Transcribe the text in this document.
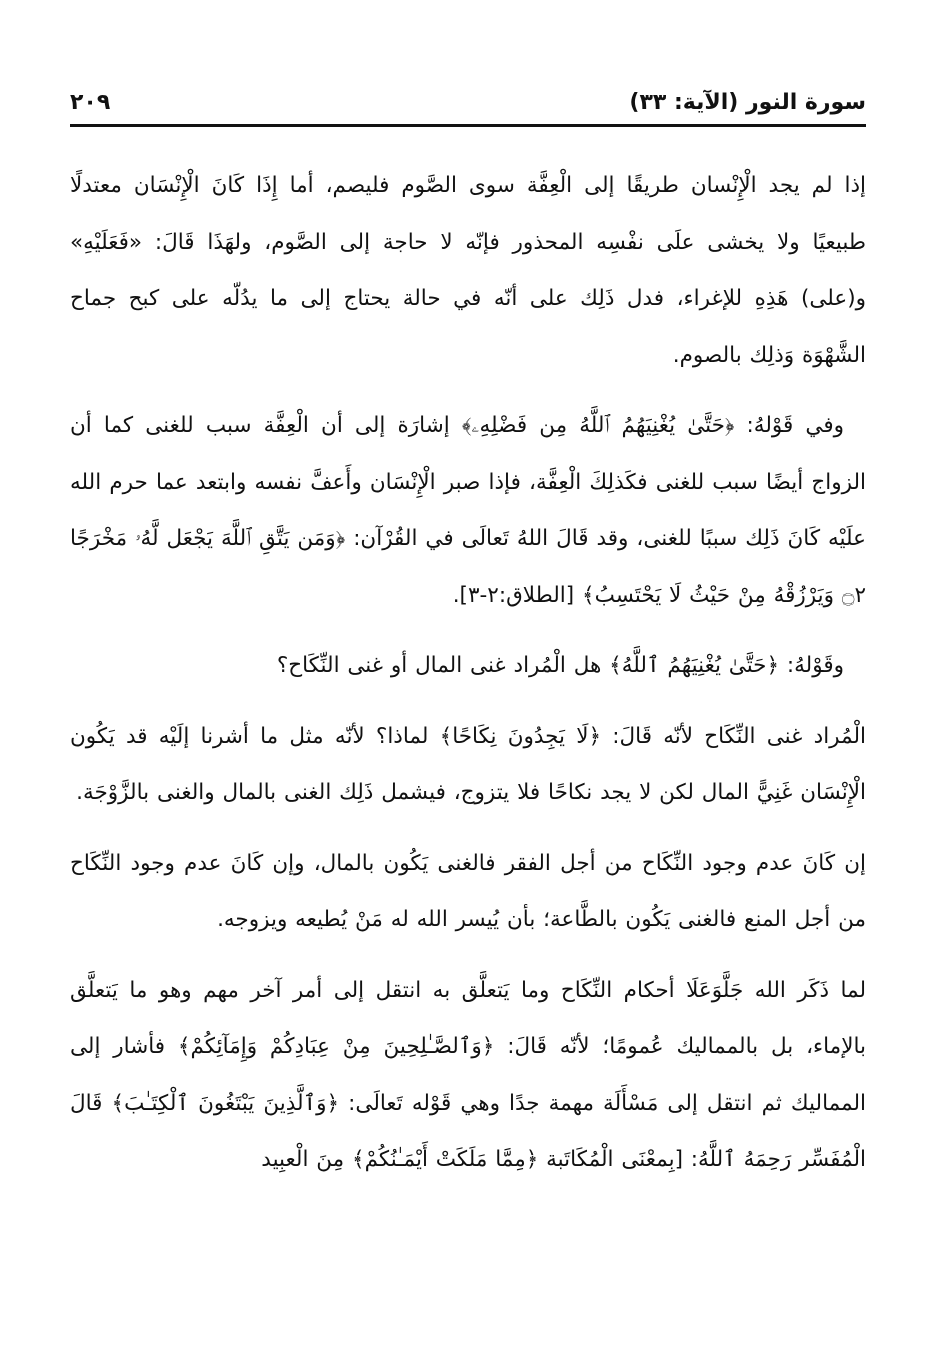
سورة النور (الآية: ٣٣)
٢٠٩

إذا لم يجد الْإِنْسان طريقًا إلى الْعِفَّة سوى الصَّوم فليصم، أما إِذَا كَانَ الْإِنْسَان معتدلًا طبيعيًا ولا يخشى علَى نفْسِه المحذور فإنّه لا حاجة إلى الصَّوم، ولهَذَا قَالَ: «فَعَلَيْهِ» و(على) هَذِهِ للإغراء، فدل ذَلِك على أنّه في حالة يحتاج إلى ما يدُلّه على كبح جماح الشَّهْوَة وَذلِك بالصوم.

وفي قَوْلهُ: ﴿حَتَّىٰ يُغْنِيَهُمُ ٱللَّهُ مِن فَضْلِهِۦ﴾ إشارَة إلى أن الْعِفَّة سبب للغنى كما أن الزواج أيضًا سبب للغنى فكَذلِكَ الْعِفَّة، فإذا صبر الْإِنْسَان وأَعفَّ نفسه وابتعد عما حرم الله علَيْه كَانَ ذَلِك سببًا للغنى، وقد قَالَ اللهُ تَعالَى في القُرْآن: ﴿وَمَن يَتَّقِ ٱللَّهَ يَجْعَل لَّهُۥ مَخْرَجًا ۝٢ وَيَرْزُقْهُ مِنْ حَيْثُ لَا يَحْتَسِبُ﴾ [الطلاق:٢-٣].

وقَوْلهُ: ﴿حَتَّىٰ يُغْنِيَهُمُ ٱللَّهُ﴾ هل الْمُراد غنى المال أو غنى النِّكَاح؟

الْمُراد غنى النِّكَاح لأنّه قَالَ: ﴿لَا يَجِدُونَ نِكَاحًا﴾ لماذا؟ لأنّه مثل ما أشرنا إلَيْه قد يَكُون الْإِنْسَان غَنِيًّ المال لكن لا يجد نكاحًا فلا يتزوج، فيشمل ذَلِك الغنى بالمال والغنى بالزَّوْجَة.

إن كَانَ عدم وجود النِّكَاح من أجل الفقر فالغنى يَكُون بالمال، وإن كَانَ عدم وجود النِّكَاح من أجل المنع فالغنى يَكُون بالطَّاعة؛ بأن يُيسر الله له مَنْ يُطيعه ويزوجه.

لما ذَكَر الله جَلَّوَعَلَا أحكام النِّكَاح وما يَتعلَّق به انتقل إلى أمر آخر مهم وهو ما يَتعلَّق بالإماء، بل بالمماليك عُمومًا؛ لأنّه قَالَ: ﴿وَٱلصَّـٰلِحِينَ مِنْ عِبَادِكُمْ وَإِمَآئِكُمْ﴾ فأشار إلى المماليك ثم انتقل إلى مَسْأَلَة مهمة جدًا وهي قَوْله تَعالَى: ﴿وَٱلَّذِينَ يَبْتَغُونَ ٱلْكِتَـٰبَ﴾ قَالَ الْمُفَسِّر رَحِمَهُ ٱللَّهُ: [بِمعْنَى الْمُكَاتَبة ﴿مِمَّا مَلَكَتْ أَيْمَـٰنُكُمْ﴾ مِنَ الْعبِيد
